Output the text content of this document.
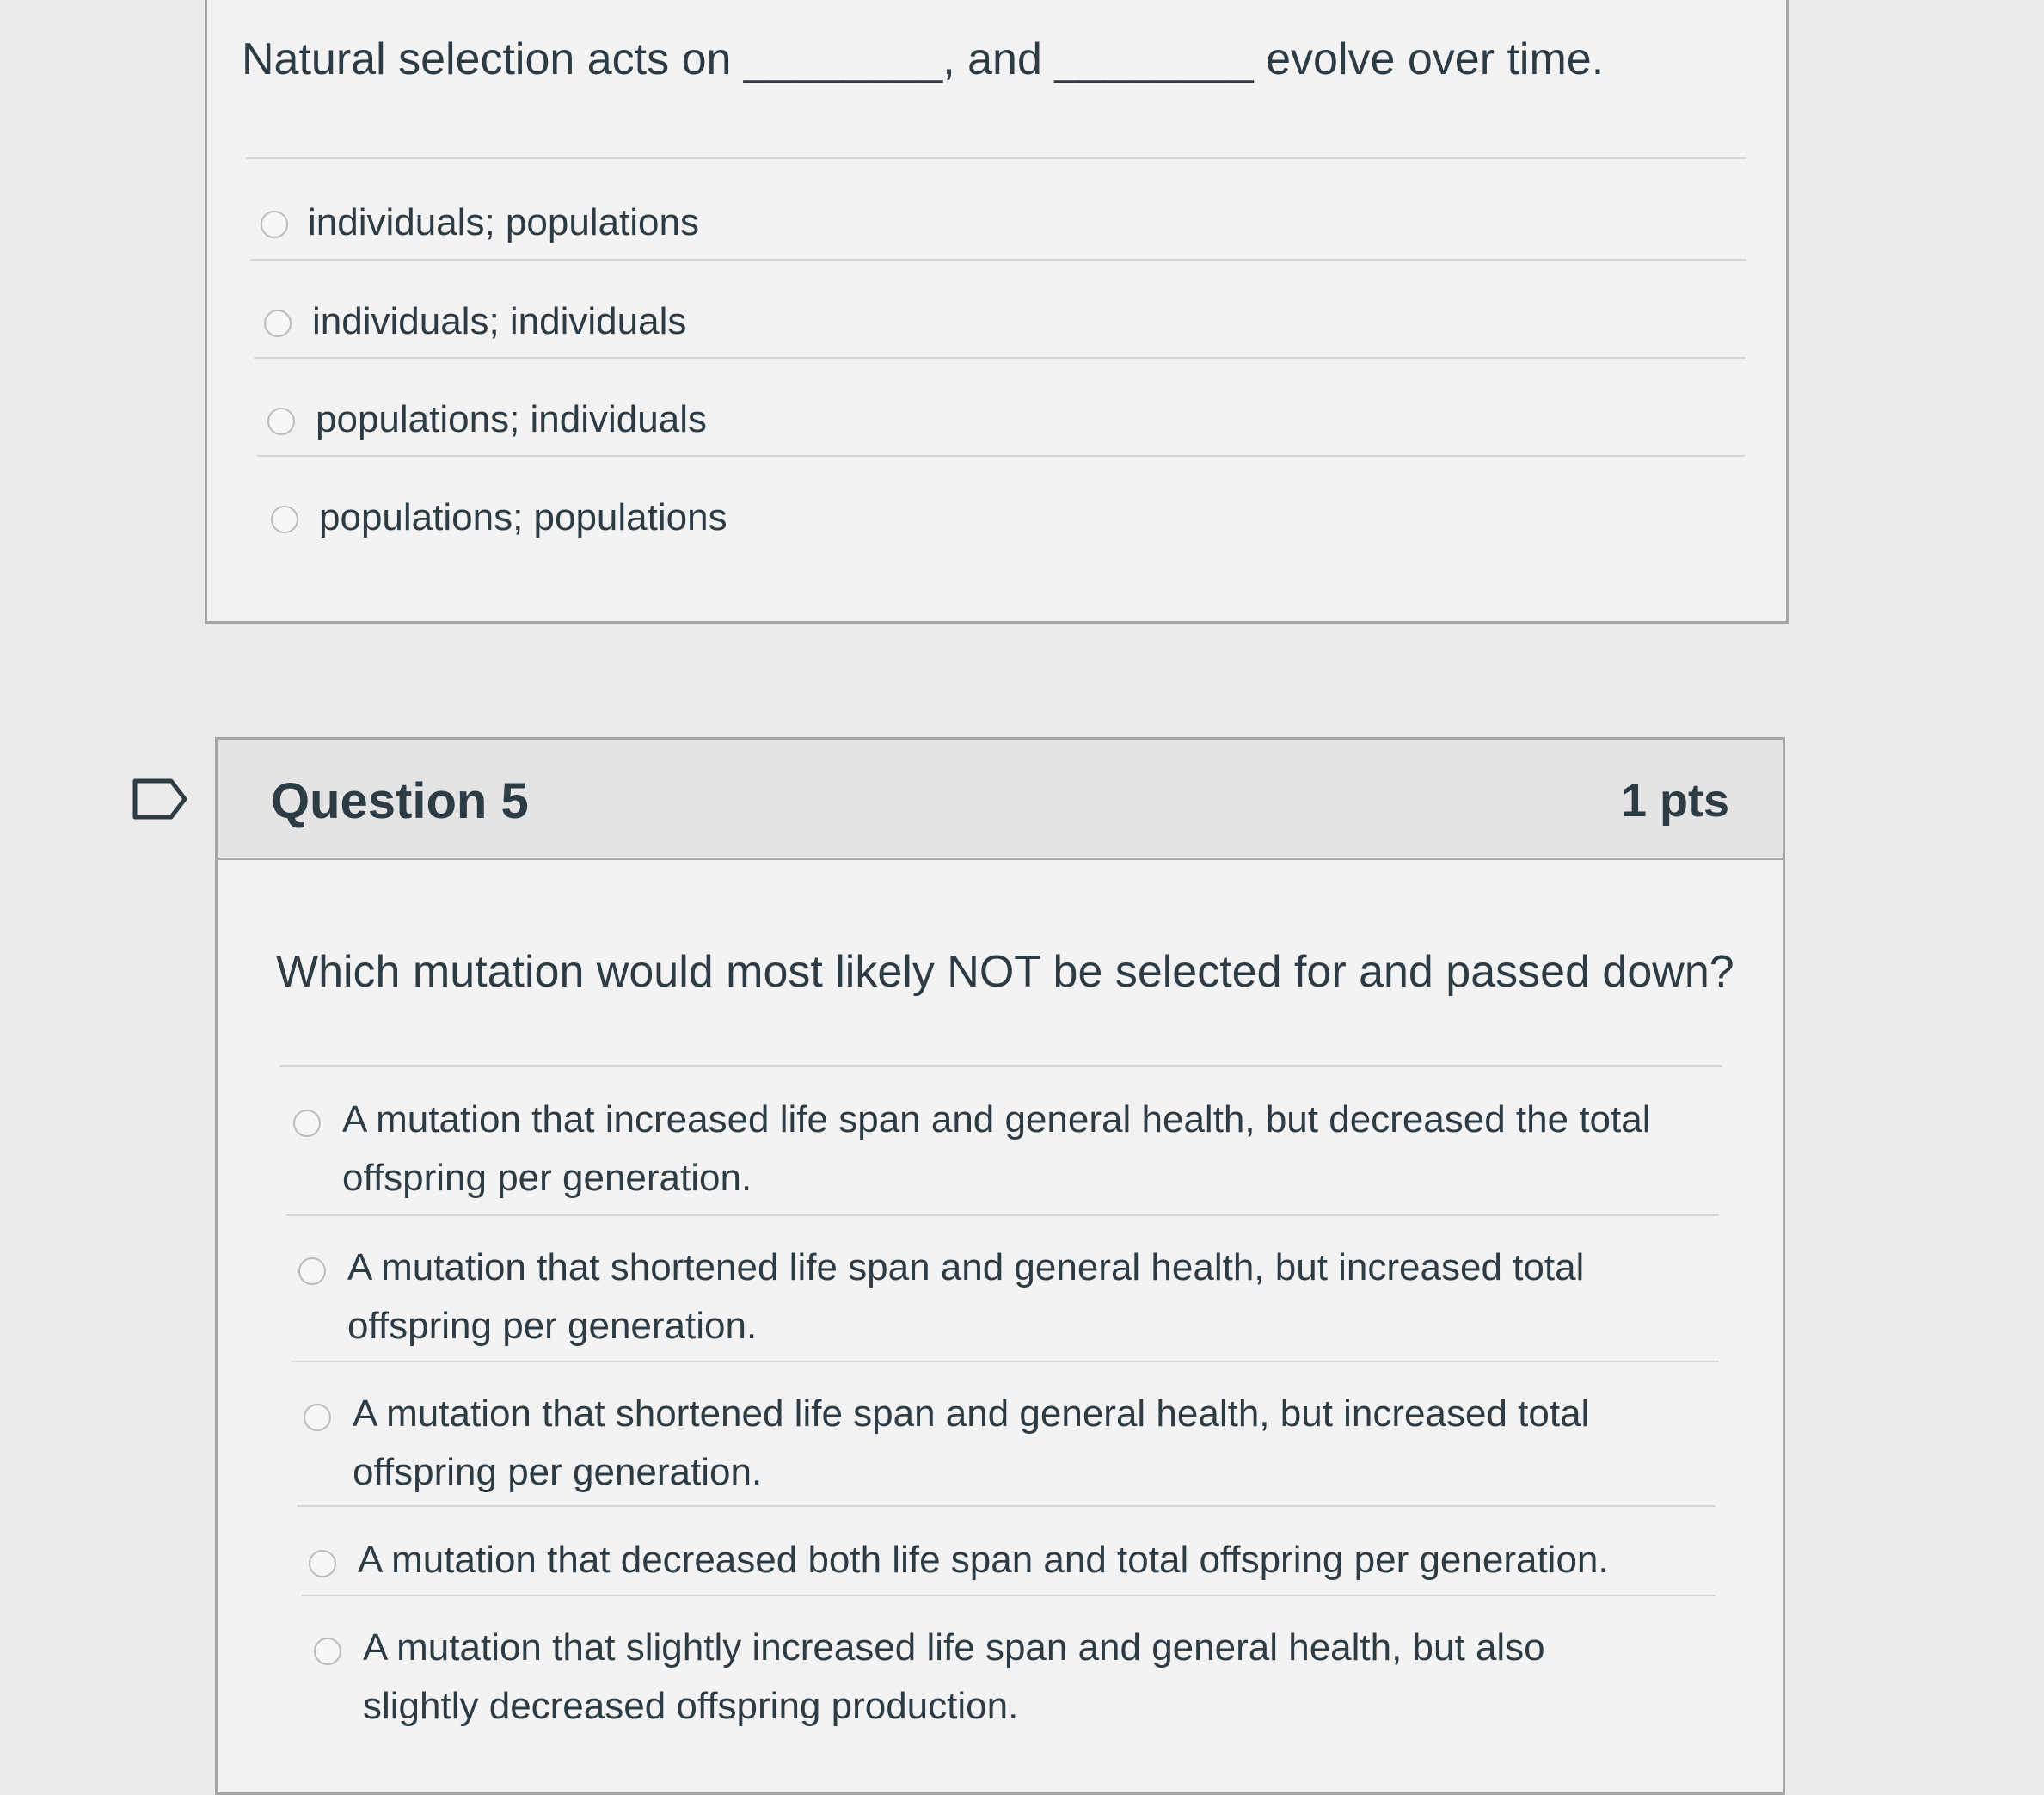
Natural selection acts on ________, and ________ evolve over time.
individuals; populations
individuals; individuals
populations; individuals
populations; populations
Question 5	1 pts
Which mutation would most likely NOT be selected for and passed down?
A mutation that increased life span and general health, but decreased the total offspring per generation.
A mutation that shortened life span and general health, but increased total offspring per generation.
A mutation that shortened life span and general health, but increased total offspring per generation.
A mutation that decreased both life span and total offspring per generation.
A mutation that slightly increased life span and general health, but also slightly decreased offspring production.
